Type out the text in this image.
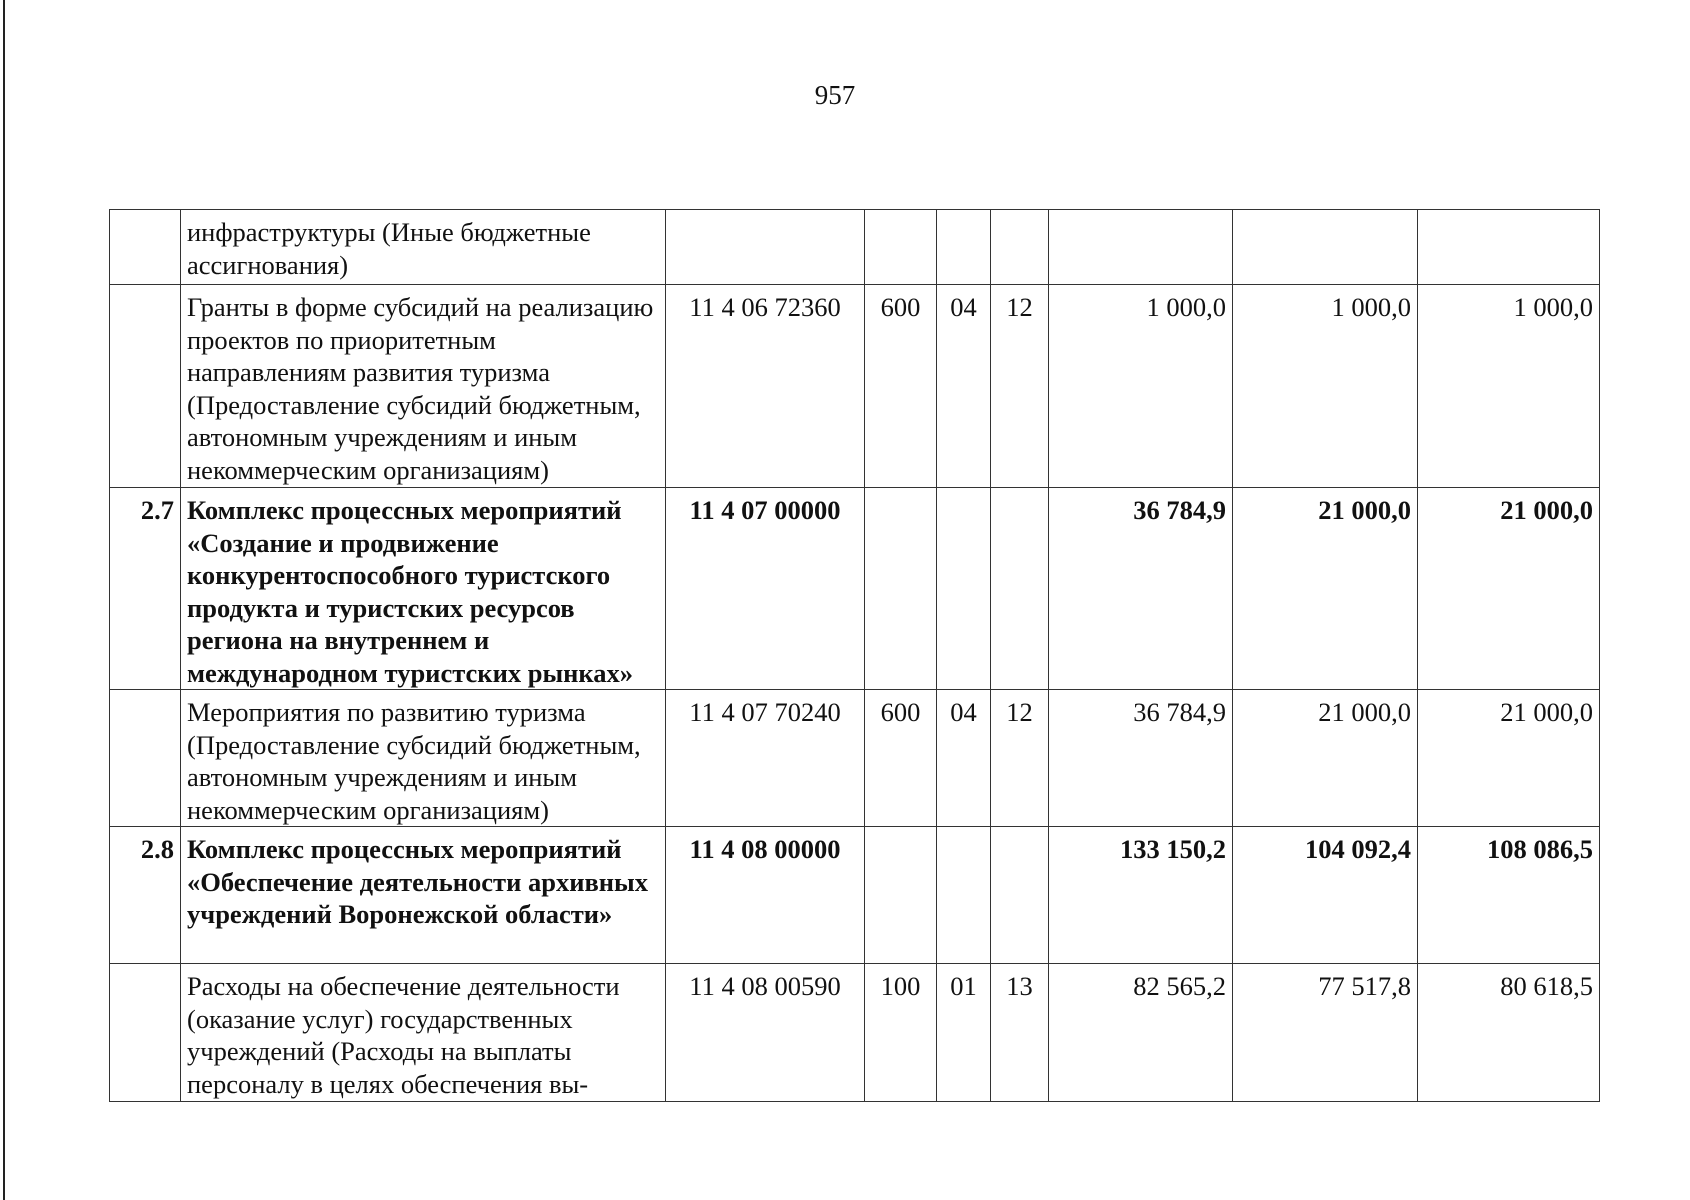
957
	инфраструктуры (Иные бюджетные ассигнования)							
	Гранты в форме субсидий на реализацию проектов по приоритетным направлениям развития туризма (Предоставление субсидий бюджетным, автономным учреждениям и иным некоммерческим организациям)	11 4 06 72360	600	04	12	1 000,0	1 000,0	1 000,0
2.7	Комплекс процессных мероприятий «Создание и продвижение конкурентоспособного туристского продукта и туристских ресурсов региона на внутреннем и международном туристских рынках»	11 4 07 00000				36 784,9	21 000,0	21 000,0
	Мероприятия по развитию туризма (Предоставление субсидий бюджетным, автономным учреждениям и иным некоммерческим организациям)	11 4 07 70240	600	04	12	36 784,9	21 000,0	21 000,0
2.8	Комплекс процессных мероприятий «Обеспечение деятельности архивных учреждений Воронежской области»	11 4 08 00000				133 150,2	104 092,4	108 086,5
	Расходы на обеспечение деятельности (оказание услуг) государственных учреждений (Расходы на выплаты персоналу в целях обеспечения вы-	11 4 08 00590	100	01	13	82 565,2	77 517,8	80 618,5
